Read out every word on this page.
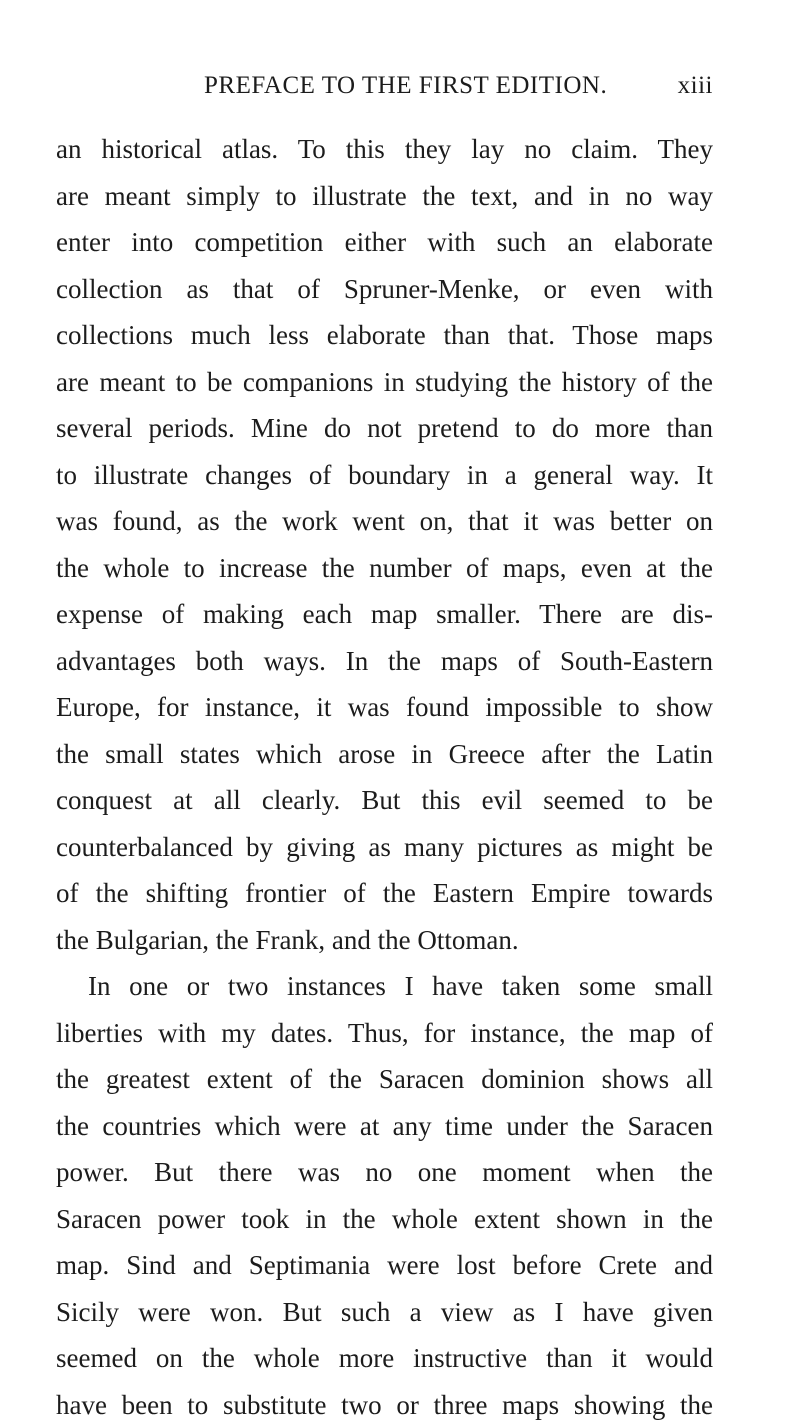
PREFACE TO THE FIRST EDITION.	xiii
an historical atlas. To this they lay no claim. They
are meant simply to illustrate the text, and in no way
enter into competition either with such an elaborate
collection as that of Spruner-Menke, or even with
collections much less elaborate than that. Those maps
are meant to be companions in studying the history of the
several periods. Mine do not pretend to do more than
to illustrate changes of boundary in a general way. It
was found, as the work went on, that it was better on
the whole to increase the number of maps, even at the
expense of making each map smaller. There are dis-
advantages both ways. In the maps of South-Eastern
Europe, for instance, it was found impossible to show
the small states which arose in Greece after the Latin
conquest at all clearly. But this evil seemed to be
counterbalanced by giving as many pictures as might be
of the shifting frontier of the Eastern Empire towards
the Bulgarian, the Frank, and the Ottoman.
In one or two instances I have taken some small
liberties with my dates. Thus, for instance, the map of
the greatest extent of the Saracen dominion shows all
the countries which were at any time under the Saracen
power. But there was no one moment when the
Saracen power took in the whole extent shown in the
map. Sind and Septimania were lost before Crete and
Sicily were won. But such a view as I have given
seemed on the whole more instructive than it would
have been to substitute two or three maps showing the
